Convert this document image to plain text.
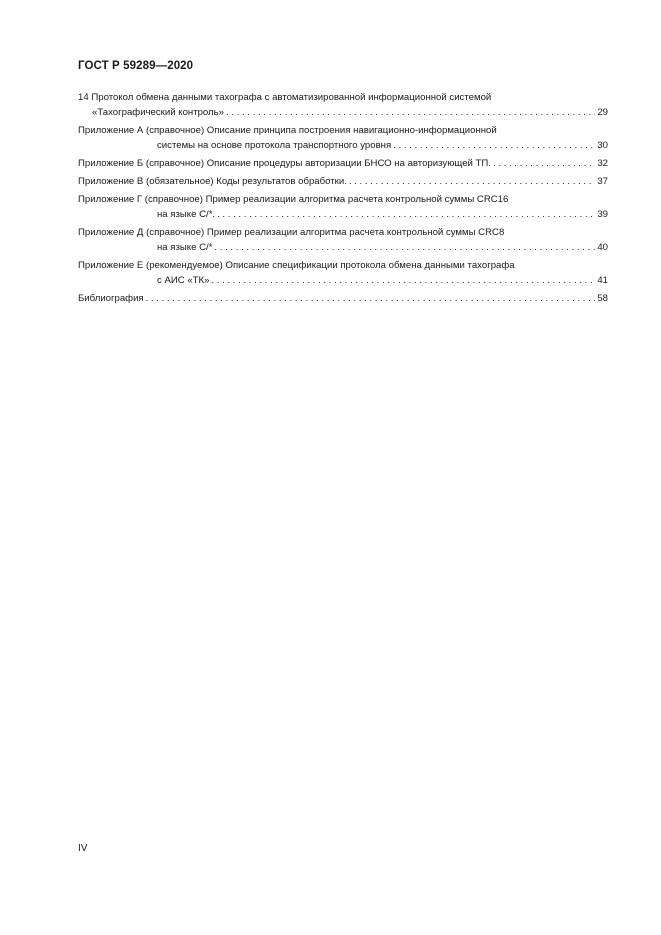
ГОСТ Р 59289—2020
14 Протокол обмена данными тахографа с автоматизированной информационной системой
«Тахографический контроль» . . .	29
Приложение А (справочное) Описание принципа построения навигационно-информационной
системы на основе протокола транспортного уровня . . .	30
Приложение Б (справочное) Описание процедуры авторизации БНСО на авторизующей ТП. . . .	32
Приложение В (обязательное) Коды результатов обработки. . . .	37
Приложение Г (справочное) Пример реализации алгоритма расчета контрольной суммы CRC16
на языке С/*. . . .	39
Приложение Д (справочное) Пример реализации алгоритма расчета контрольной суммы CRC8
на языке С/* . . .	40
Приложение Е (рекомендуемое) Описание спецификации протокола обмена данными тахографа
с АИС «ТК» . . .	41
Библиография . . .	58
IV
